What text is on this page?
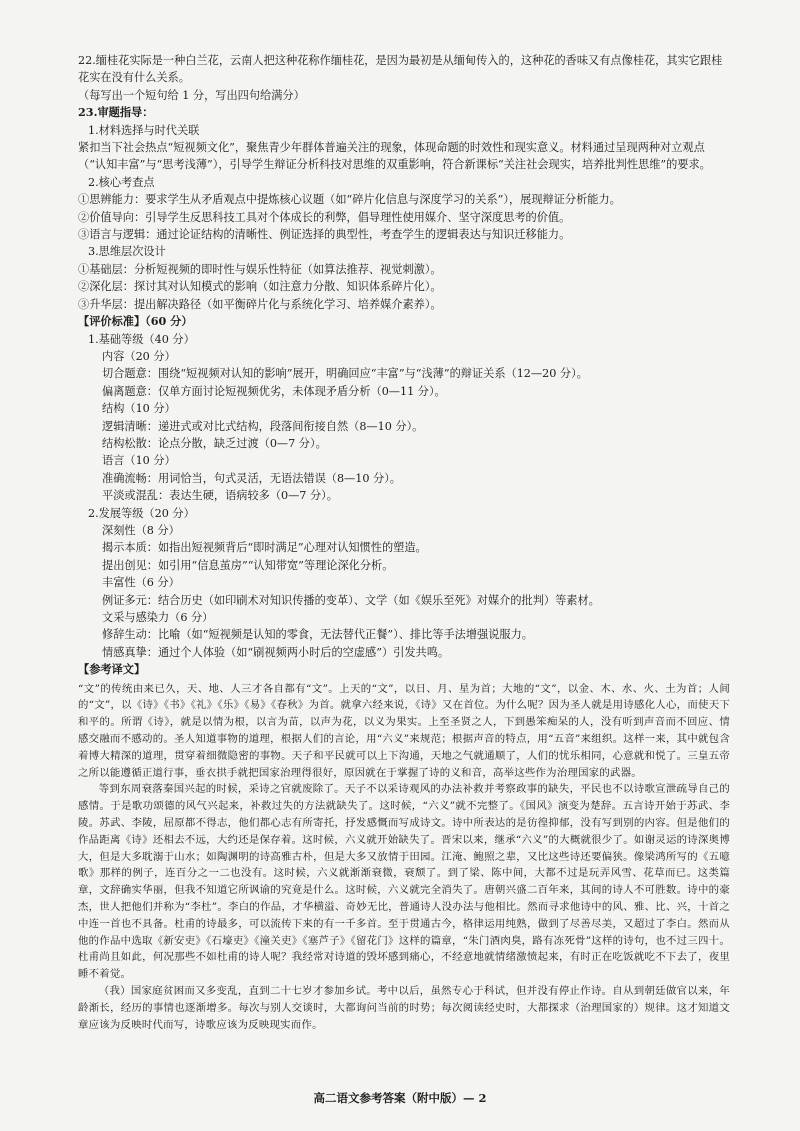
22.缅桂花实际是一种白兰花，云南人把这种花称作缅桂花，是因为最初是从缅甸传入的，这种花的香味又有点像桂花，其实它跟桂
花实在没有什么关系。
（每写出一个短句给 1 分，写出四句给满分）
23.审题指导：
1.材料选择与时代关联
紧扣当下社会热点“短视频文化”，聚焦青少年群体普遍关注的现象，体现命题的时效性和现实意义。材料通过呈现两种对立观点（“认知丰富”与“思考浅薄”），引导学生辩证分析科技对思维的双重影响，符合新课标“关注社会现实，培养批判性思维”的要求。
2.核心考查点
①思辨能力：要求学生从矛盾观点中提炼核心议题（如“碎片化信息与深度学习的关系”），展现辩证分析能力。
②价值导向：引导学生反思科技工具对个体成长的利弊，倡导理性使用媒介、坚守深度思考的价值。
③语言与逻辑：通过论证结构的清晰性、例证选择的典型性，考查学生的逻辑表达与知识迁移能力。
3.思维层次设计
①基础层：分析短视频的即时性与娱乐性特征（如算法推荐、视觉刺激）。
②深化层：探讨其对认知模式的影响（如注意力分散、知识体系碎片化）。
③升华层：提出解决路径（如平衡碎片化与系统化学习、培养媒介素养）。
【评价标准】（60 分）
1.基础等级（40 分）
内容（20 分）
切合题意：围绕“短视频对认知的影响”展开，明确回应“丰富”与“浅薄”的辩证关系（12—20 分）。
偏离题意：仅单方面讨论短视频优劣，未体现矛盾分析（0—11 分）。
结构（10 分）
逻辑清晰：递进式或对比式结构，段落间衔接自然（8—10 分）。
结构松散：论点分散，缺乏过渡（0—7 分）。
语言（10 分）
准确流畅：用词恰当，句式灵活，无语法错误（8—10 分）。
平淡或混乱：表达生硬，语病较多（0—7 分）。
2.发展等级（20 分）
深刻性（8 分）
揭示本质：如指出短视频背后“即时满足”心理对认知惯性的塑造。
提出创见：如引用“信息茧房”“认知带宽”等理论深化分析。
丰富性（6 分）
例证多元：结合历史（如印刷术对知识传播的变革）、文学（如《娱乐至死》对媒介的批判）等素材。
文采与感染力（6 分）
修辞生动：比喻（如“短视频是认知的零食，无法替代正餐”）、排比等手法增强说服力。
情感真挚：通过个人体验（如“刷视频两小时后的空虚感”）引发共鸣。
【参考译文】

“文”的传统由来已久，天、地、人三才各自都有“文”。上天的“文”，以日、月、星为首；大地的“文”，以金、木、水、火、土为首；人间的“文”，以《诗》《书》《礼》《乐》《易》《春秋》为首。就拿六经来说，《诗》又在首位。为什么呢？因为圣人就是用诗感化人心，而使天下和平的。所谓《诗》，就是以情为根，以言为苗，以声为花，以义为果实。上至圣贤之人，下到愚笨痴呆的人，没有听到声音而不回应、情感交融而不感动的。圣人知道事物的道理，根据人们的言论，用“六义”来规范；根据声音的特点，用“五音”来组织。这样一来，其中就包含着博大精深的道理，贯穿着细微隐密的事物。天子和平民就可以上下沟通，天地之气就通顺了，人们的忧乐相同，心意就和悦了。三皇五帝之所以能遵循正道行事，垂衣拱手就把国家治理得很好，原因就在于掌握了诗的义和音，高举这些作为治理国家的武器。

等到东周衰落秦国兴起的时候，采诗之官就废除了。天子不以采诗观风的办法补救并考察政事的缺失，平民也不以诗歌宣泄疏导自己的感情。于是歌功颂德的风气兴起来，补救过失的方法就缺失了。这时候，“六义”就不完整了。《国风》演变为楚辞。五言诗开始于苏武、李陵。苏武、李陵，屈原都不得志，他们都心志有所寄托，抒发感慨而写成诗文。诗中所表达的是彷徨抑郁，没有写到别的内容。但是他们的作品距离《诗》还相去不远，大约还是保存着。这时候，六义就开始缺失了。晋宋以来，继承“六义”的大概就很少了。如谢灵运的诗深奥博大，但是大多耽溺于山水；如陶渊明的诗高雅古朴，但是大多又放情于田园。江淹、鲍照之辈，又比这些诗还要偏狭。像梁鸿所写的《五噫歌》那样的例子，连百分之一二也没有。这时候，六义就渐渐衰微，衰颓了。到了梁、陈中间，大都不过是玩弄风雪、花草而已。这类篇章，文辞确实华丽，但我不知道它所讽谕的究竟是什么。这时候，六义就完全消失了。唐朝兴盛二百年来，其间的诗人不可胜数。诗中的豪杰，世人把他们并称为“李杜”。李白的作品，才华横溢、奇妙无比，普通诗人没办法与他相比。然而寻求他诗中的风、雅、比、兴，十首之中连一首也不具备。杜甫的诗最多，可以流传下来的有一千多首。至于贯通古今，格律运用纯熟，做到了尽善尽美，又超过了李白。然而从他的作品中选取《新安吏》《石壕吏》《潼关吏》《塞芦子》《留花门》这样的篇章，“朱门酒肉臭，路有冻死骨”这样的诗句，也不过三四十。杜甫尚且如此，何况那些不如杜甫的诗人呢？我经常对诗道的毁坏感到痛心，不经意地就情绪激愤起来，有时正在吃饭就吃不下去了，夜里睡不着觉。

（我）国家庭贫困而又多变乱，直到二十七岁才参加乡试。考中以后，虽然专心于科试，但并没有停止作诗。自从到朝廷做官以来，年龄渐长，经历的事情也逐渐增多。每次与别人交谈时，大都询问当前的时势；每次阅读经史时，大都探求（治理国家的）规律。这才知道文章应该为反映时代而写，诗歌应该为反映现实而作。

高二语文参考答案（附中版）— 2
